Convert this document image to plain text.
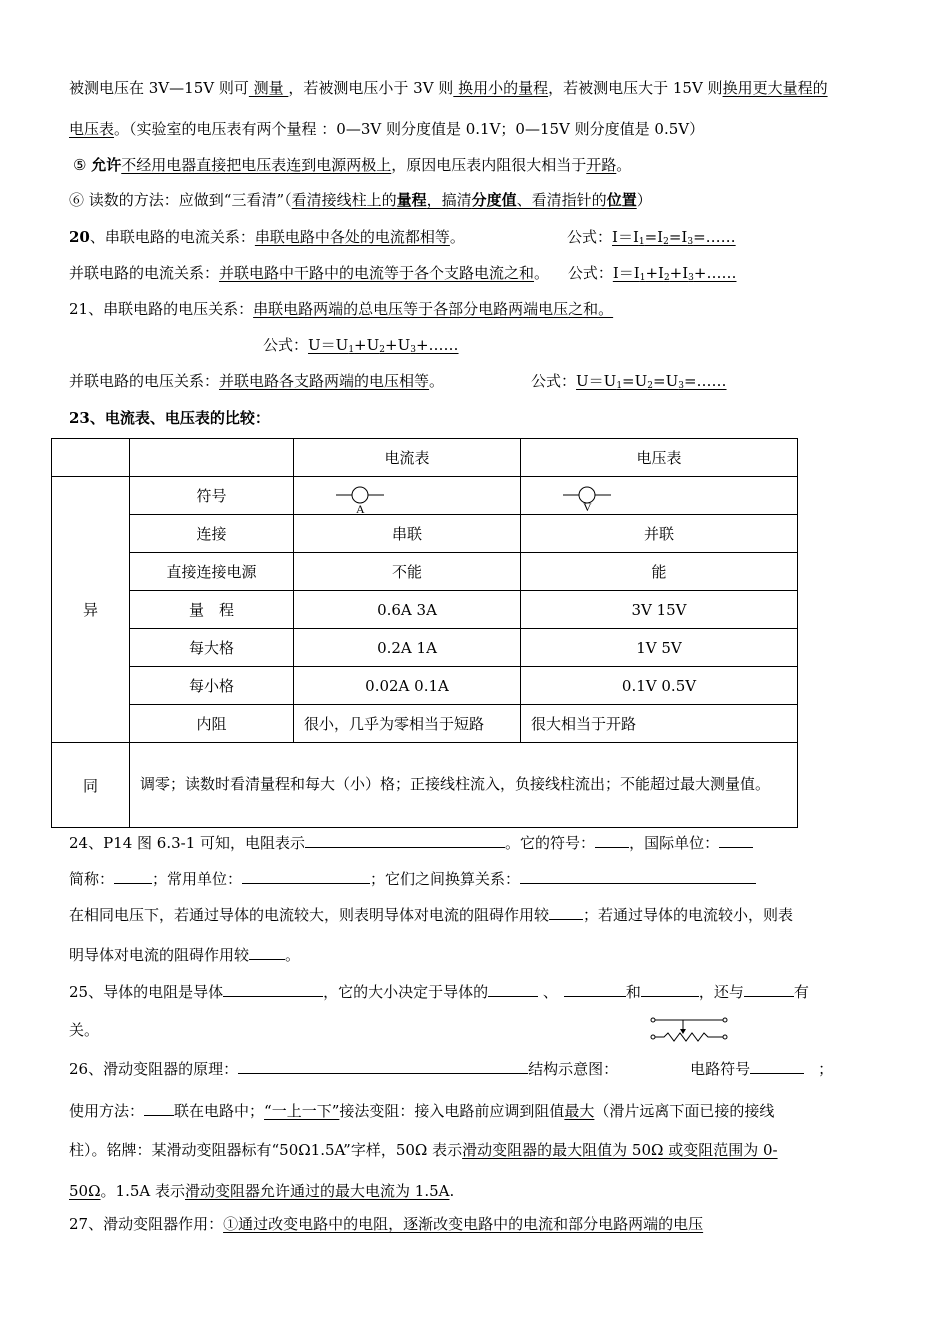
被测电压在 3V—15V 则可 测量 ，若被测电压小于 3V 则 换用小的量程，若被测电压大于 15V 则换用更大量程的
电压表。（实验室的电压表有两个量程 ：0—3V 则分度值是 0.1V；0—15V 则分度值是 0.5V）
⑤ 允许不经用电器直接把电压表连到电源两极上，原因电压表内阻很大相当于开路。
⑥ 读数的方法：应做到“三看清”（看清接线柱上的量程，搞清分度值、看清指针的位置）
20、串联电路的电流关系：串联电路中各处的电流都相等。	公式：$I=I_1=I_2=I_3=\dots\dots$
并联电路的电流关系：并联电路中干路中的电流等于各个支路电流之和。 公式：$I=I_1+I_2+I_3+\dots\dots$
21、串联电路的电压关系：串联电路两端的总电压等于各部分电路两端电压之和。
公式：$U=U_1+U_2+U_3+\dots\dots$
并联电路的电压关系：并联电路各支路两端的电压相等。	公式：$U=U_1=U_2=U_3=\dots\dots$
23、电流表、电压表的比较：
		电流表	电压表
异	符号	A	V

	连接	串联	并联
	直接连接电源	不能	能
	量　程	0.6A 3A	3V 15V
	每大格	0.2A 1A	1V 5V
	每小格	0.02A 0.1A	0.1V 0.5V
	内阻	很小，几乎为零相当于短路	很大相当于开路
同	调零；读数时看清量程和每大（小）格；正接线柱流入，负接线柱流出；不能超过最大测量值。		
24、P14 图 6.3-1 可知，电阻表示	。它的符号： ，国际单位：
简称：	；常用单位：	；它们之间换算关系：
在相同电压下，若通过导体的电流较大，则表明导体对电流的阻碍作用较 ；若通过导体的电流较小，则表
明导体对电流的阻碍作用较 。
25、导体的电阻是导体	，它的大小决定于导体的	、	和	，还与	有
关。
26、滑动变阻器的原理：	结构示意图：	电路符号	；
使用方法： 联在电路中；“一上一下”接法变阻：接入电路前应调到阻值最大（滑片远离下面已接的接线
柱）。铭牌：某滑动变阻器标有“50Ω1.5A”字样，50Ω 表示滑动变阻器的最大阻值为 50Ω 或变阻范围为 0-
50Ω。1.5A 表示滑动变阻器允许通过的最大电流为 1.5A.
27、滑动变阻器作用：①通过改变电路中的电阻，逐渐改变电路中的电流和部分电路两端的电压
